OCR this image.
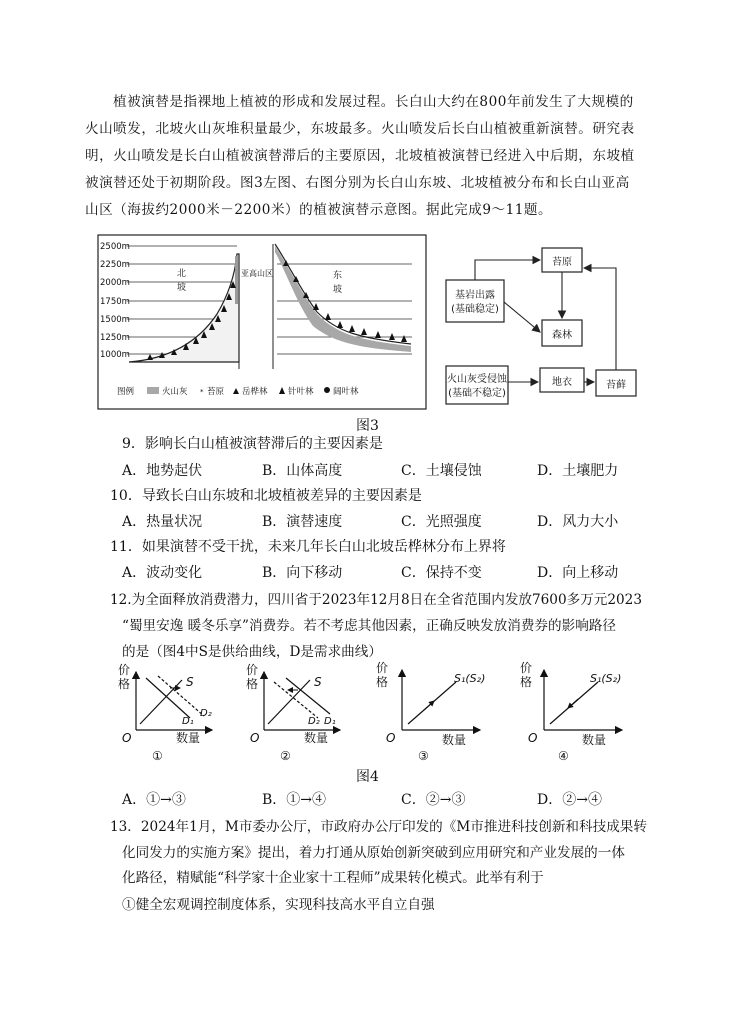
植被演替是指裸地上植被的形成和发展过程。长白山大约在800年前发生了大规模的
火山喷发，北坡火山灰堆积量最少，东坡最多。火山喷发后长白山植被重新演替。研究表
明，火山喷发是长白山植被演替滞后的主要原因，北坡植被演替已经进入中后期，东坡植
被演替还处于初期阶段。图3左图、右图分别为长白山东坡、北坡植被分布和长白山亚高
山区（海拔约2000米－2200米）的植被演替示意图。据此完成9～11题。
2500m
2250m
2000m
1750m
1500m
1250m
1000m
北
坡
东
坡
亚高山区
图例	火山灰 * 苔原 岳桦林 针叶林 阔叶林
苔原
基岩出露
(基础稳定)
森林
火山灰受侵蚀
(基础不稳定)
地衣	苔藓
图3
9．影响长白山植被演替滞后的主要因素是
A．地势起伏	B．山体高度	C．土壤侵蚀	D．土壤肥力
10．导致长白山东坡和北坡植被差异的主要因素是
A．热量状况	B．演替速度	C．光照强度	D．风力大小
11．如果演替不受干扰，未来几年长白山北坡岳桦林分布上界将
A．波动变化	B．向下移动	C．保持不变	D．向上移动
12.为全面释放消费潜力，四川省于2023年12月8日在全省范围内发放7600多万元2023
“蜀里安逸 暖冬乐享”消费券。若不考虑其他因素，正确反映发放消费券的影响路径
的是（图4中S是供给曲线，D是需求曲线）
价
格	S
D₁
D₂
O	数量
①
价
格	S
D₂ D₁
O	数量
②
价
格	S₁(S₂)
O	数量
③
价
格	S₁(S₂)
O	数量
④
图4
A．①→③	B．①→④	C．②→③	D．②→④
13．2024年1月，M市委办公厅，市政府办公厅印发的《M市推进科技创新和科技成果转
化同发力的实施方案》提出，着力打通从原始创新突破到应用研究和产业发展的一体
化路径，精赋能“科学家十企业家十工程师”成果转化模式。此举有利于
①健全宏观调控制度体系，实现科技高水平自立自强
